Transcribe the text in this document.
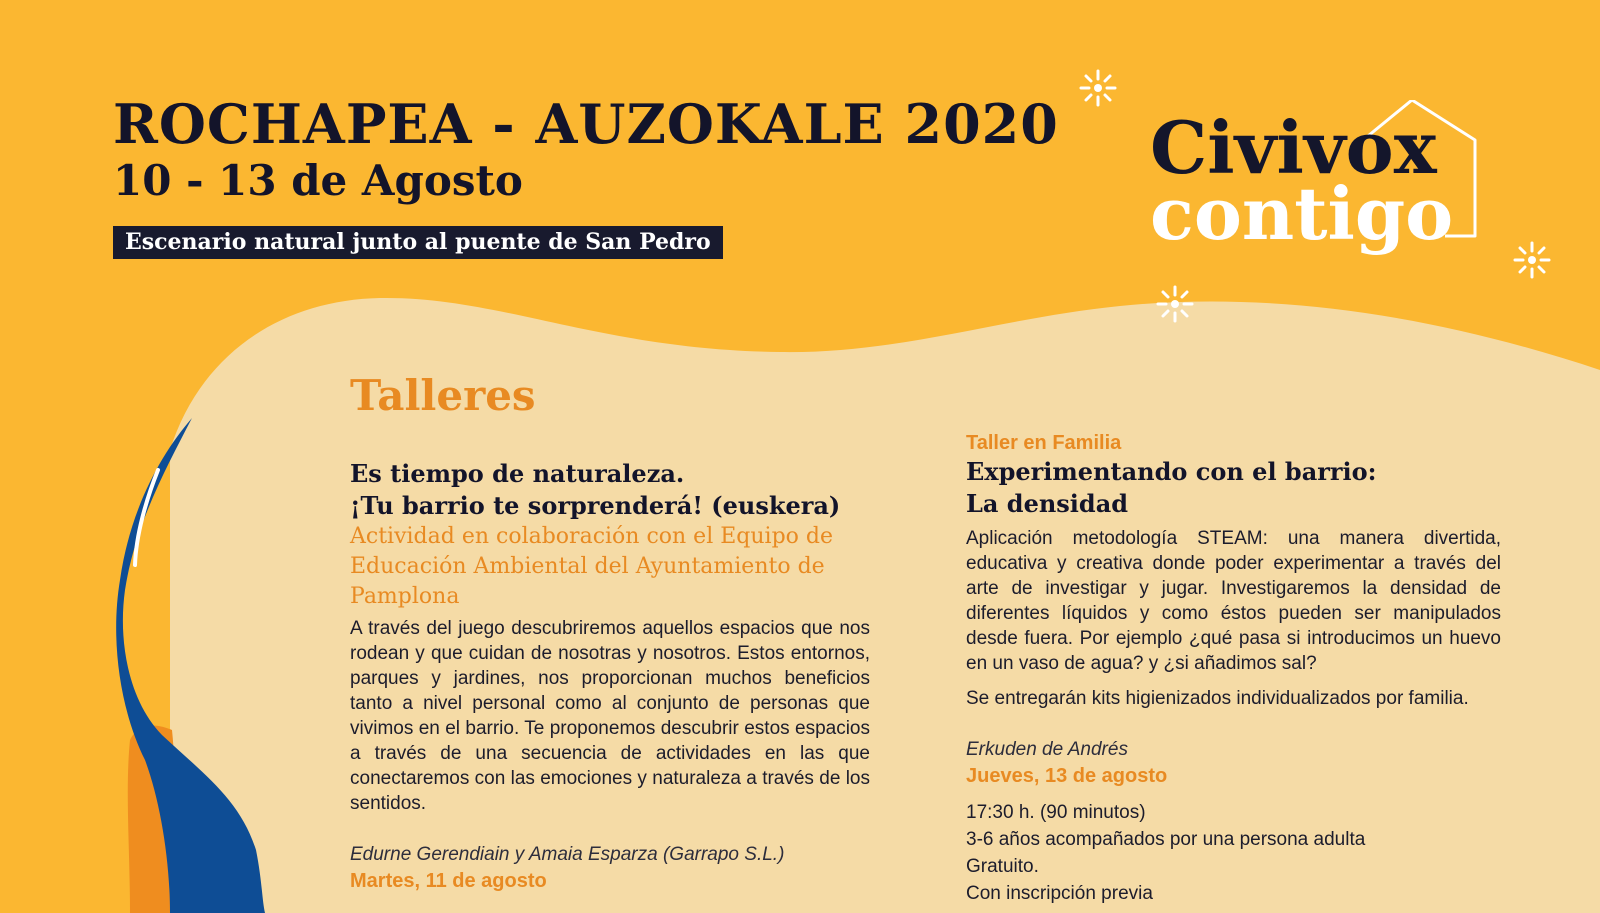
ROCHAPEA - AUZOKALE 2020
10 - 13 de Agosto
Escenario natural junto al puente de San Pedro
Civivox
contigo
Talleres

Es tiempo de naturaleza.

¡Tu barrio te sorprenderá! (euskera)

Actividad en colaboración con el Equipo de Educación Ambiental del Ayuntamiento de Pamplona

A través del juego descubriremos aquellos espacios que nos rodean y que cuidan de nosotras y nosotros. Estos entornos, parques y jardines, nos proporcionan muchos beneficios tanto a nivel personal como al conjunto de personas que vivimos en el barrio. Te proponemos descubrir estos espacios a través de una secuencia de actividades en las que conectaremos con las emociones y naturaleza a través de los sentidos.

Edurne Gerendiain y Amaia Esparza (Garrapo S.L.)

Martes, 11 de agosto

Taller en Familia

Experimentando con el barrio:

La densidad

Aplicación metodología STEAM: una manera divertida, educativa y creativa donde poder experimentar a través del arte de investigar y jugar. Investigaremos la densidad de diferentes líquidos y como éstos pueden ser manipulados desde fuera. Por ejemplo ¿qué pasa si introducimos un huevo en un vaso de agua? y ¿si añadimos sal?

Se entregarán kits higienizados individualizados por familia.

Erkuden de Andrés

Jueves, 13 de agosto

17:30 h. (90 minutos)

3-6 años acompañados por una persona adulta

Gratuito.

Con inscripción previa
